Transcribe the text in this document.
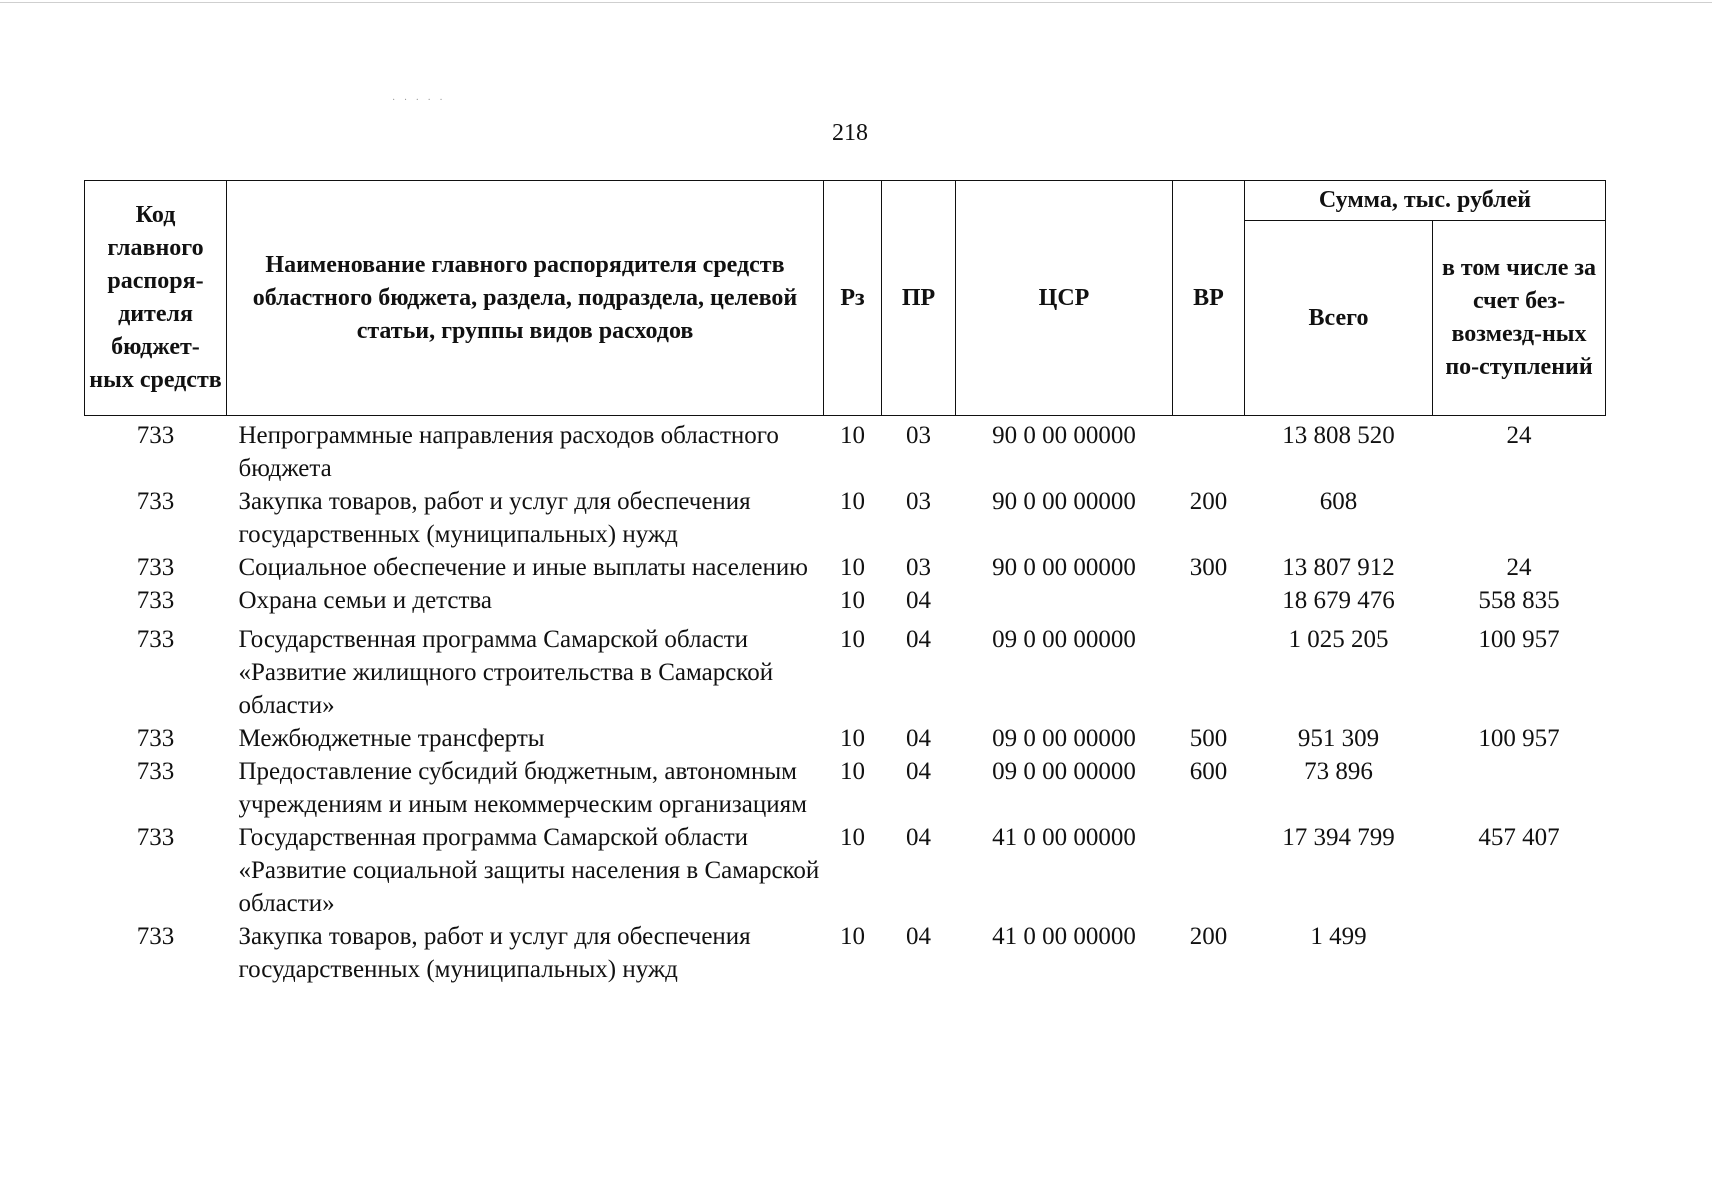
· · · · ·
218
Код главного распоря-дителя бюджет-ных средств	Наименование главного распорядителя средств областного бюджета, раздела, подраздела, целевой статьи, группы видов расходов	Рз	ПР	ЦСР	ВР	Сумма, тыс. рублей	
						Всего	в том числе за счет без-возмезд-ных по-ступлений
733	Непрограммные направления расходов областного бюджета	10	03	90 0 00 00000		13 808 520	24
733	Закупка товаров, работ и услуг для обеспечения государственных (муниципальных) нужд	10	03	90 0 00 00000	200	608	
733	Социальное обеспечение и иные выплаты населению	10	03	90 0 00 00000	300	13 807 912	24
733	Охрана семьи и детства	10	04			18 679 476	558 835
733	Государственная программа Самарской области «Развитие жилищного строительства в Самарской области»	10	04	09 0 00 00000		1 025 205	100 957
733	Межбюджетные трансферты	10	04	09 0 00 00000	500	951 309	100 957
733	Предоставление субсидий бюджетным, автономным учреждениям и иным некоммерческим организациям	10	04	09 0 00 00000	600	73 896	
733	Государственная программа Самарской области «Развитие социальной защиты населения в Самарской области»	10	04	41 0 00 00000		17 394 799	457 407
733	Закупка товаров, работ и услуг для обеспечения государственных (муниципальных) нужд	10	04	41 0 00 00000	200	1 499	
